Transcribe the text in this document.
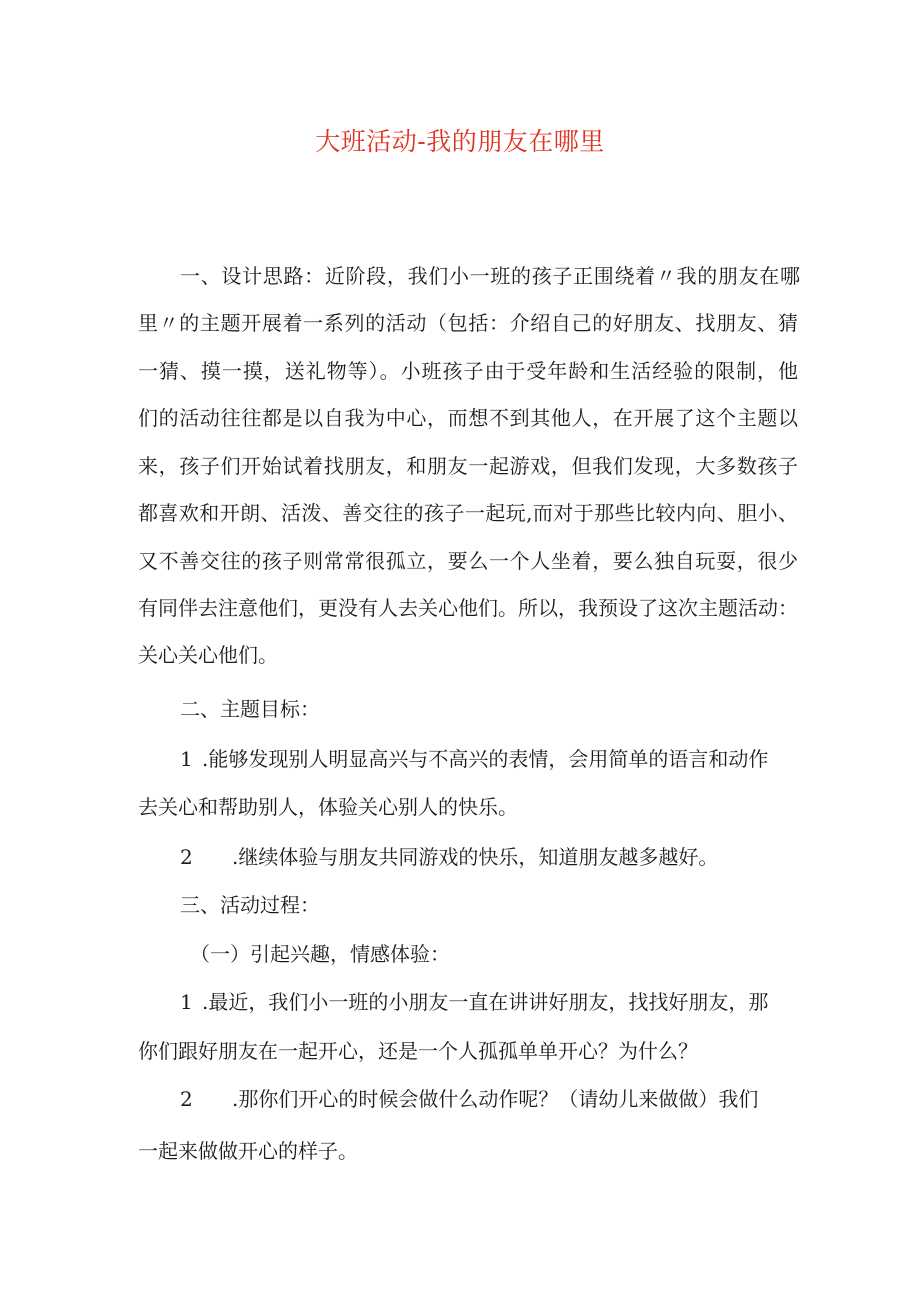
大班活动-我的朋友在哪里

一、设计思路：近阶段，我们小一班的孩子正围绕着〃我的朋友在哪

里〃的主题开展着一系列的活动（包括：介绍自己的好朋友、找朋友、猜

一猜、摸一摸，送礼物等）。小班孩子由于受年龄和生活经验的限制，他

们的活动往往都是以自我为中心，而想不到其他人，在开展了这个主题以

来，孩子们开始试着找朋友，和朋友一起游戏，但我们发现，大多数孩子

都喜欢和开朗、活泼、善交往的孩子一起玩,而对于那些比较内向、胆小、

又不善交往的孩子则常常很孤立，要么一个人坐着，要么独自玩耍，很少

有同伴去注意他们，更没有人去关心他们。所以，我预设了这次主题活动：

关心关心他们。

二、主题目标：

1 .能够发现别人明显高兴与不高兴的表情，会用简单的语言和动作

去关心和帮助别人，体验关心别人的快乐。

2 .继续体验与朋友共同游戏的快乐，知道朋友越多越好。

三、活动过程：

（一）引起兴趣，情感体验：

1 .最近，我们小一班的小朋友一直在讲讲好朋友，找找好朋友，那

你们跟好朋友在一起开心，还是一个人孤孤单单开心？为什么？

2 .那你们开心的时候会做什么动作呢？（请幼儿来做做）我们

一起来做做开心的样子。
